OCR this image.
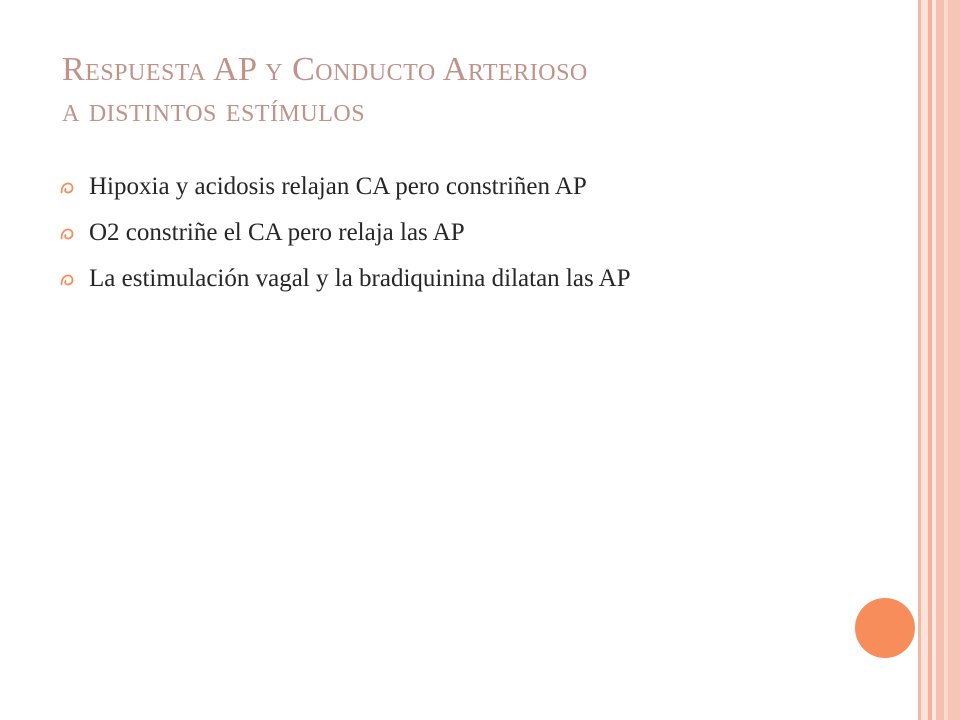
Respuesta AP y Conducto Arterioso
a distintos estímulos
Hipoxia y acidosis relajan CA pero constriñen AP
O2 constriñe el CA pero relaja las AP
La estimulación vagal y la bradiquinina dilatan las AP
